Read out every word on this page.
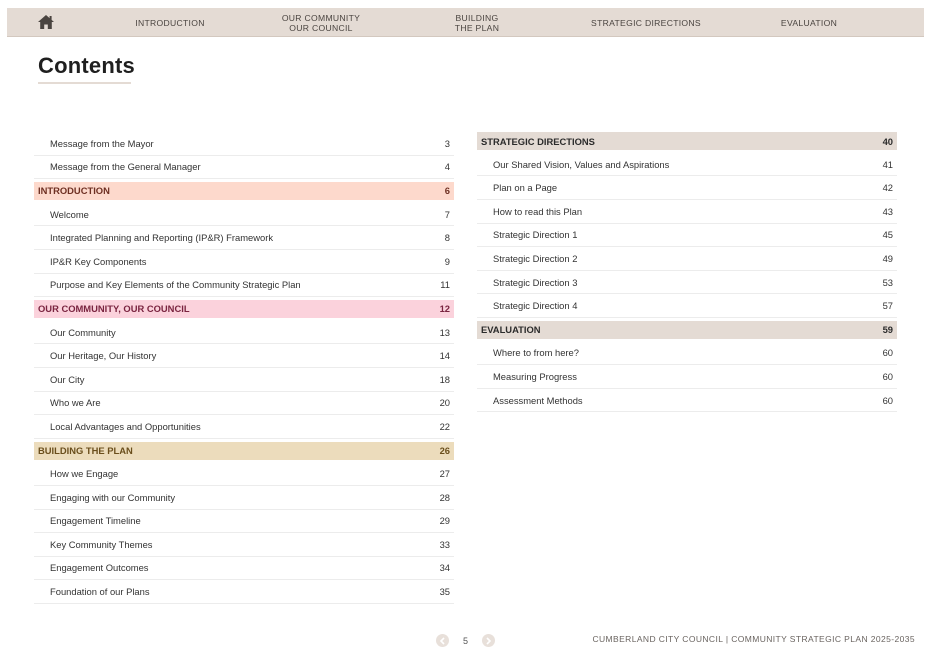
INTRODUCTION	OUR COMMUNITY
OUR COUNCIL
BUILDING
THE PLAN	STRATEGIC DIRECTIONS	EVALUATION
Contents
Message from the Mayor	3
Message from the General Manager	4
INTRODUCTION	6
Welcome	7
Integrated Planning and Reporting (IP&R) Framework	8
IP&R Key Components	9
Purpose and Key Elements of the Community Strategic Plan	11
OUR COMMUNITY, OUR COUNCIL	12
Our Community	13
Our Heritage, Our History	14
Our City	18
Who we Are	20
Local Advantages and Opportunities	22
BUILDING THE PLAN	26
How we Engage	27
Engaging with our Community	28
Engagement Timeline	29
Key Community Themes	33
Engagement Outcomes	34
Foundation of our Plans	35
STRATEGIC DIRECTIONS	40
Our Shared Vision, Values and Aspirations	41
Plan on a Page	42
How to read this Plan	43
Strategic Direction 1	45
Strategic Direction 2	49
Strategic Direction 3	53
Strategic Direction 4	57
EVALUATION	59
Where to from here?	60
Measuring Progress	60
Assessment Methods	60
5	CUMBERLAND CITY COUNCIL | COMMUNITY STRATEGIC PLAN 2025-2035
